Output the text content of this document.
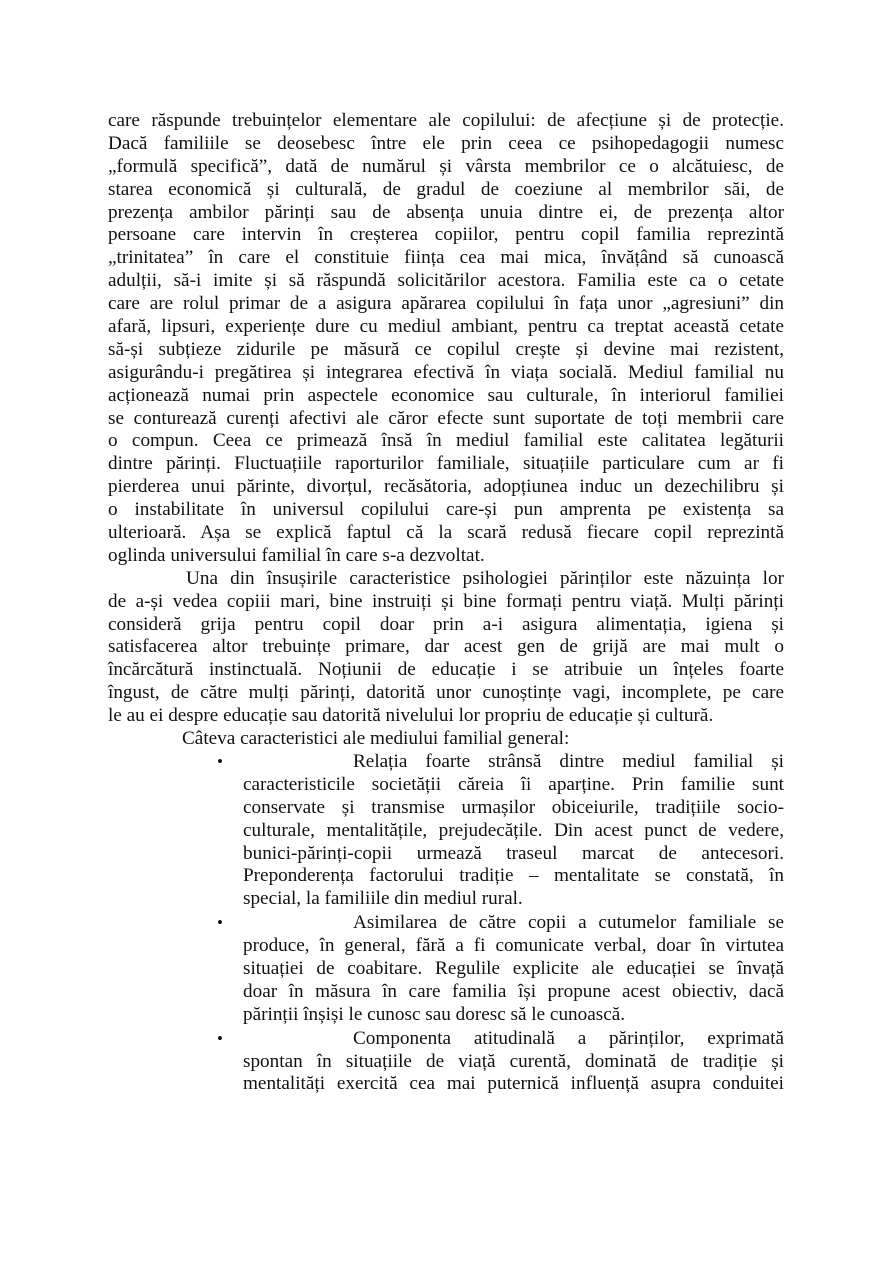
care răspunde trebuințelor elementare ale copilului: de afecțiune și de protecție.
Dacă familiile se deosebesc între ele prin ceea ce psihopedagogii numesc
„formulă specifică”, dată de numărul și vârsta membrilor ce o alcătuiesc, de
starea economică și culturală, de gradul de coeziune al membrilor săi, de
prezența ambilor părinți sau de absența unuia dintre ei, de prezența altor
persoane care intervin în creșterea copiilor, pentru copil familia reprezintă
„trinitatea” în care el constituie ființa cea mai mica, învățând să cunoască
adulții, să-i imite și să răspundă solicitărilor acestora. Familia este ca o cetate
care are rolul primar de a asigura apărarea copilului în fața unor „agresiuni” din
afară, lipsuri, experiențe dure cu mediul ambiant, pentru ca treptat această cetate
să-și subțieze zidurile pe măsură ce copilul crește și devine mai rezistent,
asigurându-i pregătirea și integrarea efectivă în viața socială. Mediul familial nu
acționează numai prin aspectele economice sau culturale, în interiorul familiei
se conturează curenți afectivi ale căror efecte sunt suportate de toți membrii care
o compun. Ceea ce primează însă în mediul familial este calitatea legăturii
dintre părinți. Fluctuațiile raporturilor familiale, situațiile particulare cum ar fi
pierderea unui părinte, divorțul, recăsătoria, adopțiunea induc un dezechilibru și
o instabilitate în universul copilului care-și pun amprenta pe existența sa
ulterioară. Așa se explică faptul că la scară redusă fiecare copil reprezintă
oglinda universului familial în care s-a dezvoltat.
Una din însușirile caracteristice psihologiei părinților este năzuința lor
de a-și vedea copiii mari, bine instruiți și bine formați pentru viață. Mulți părinți
consideră grija pentru copil doar prin a-i asigura alimentația, igiena și
satisfacerea altor trebuințe primare, dar acest gen de grijă are mai mult o
încărcătură instinctuală. Noțiunii de educație i se atribuie un înțeles foarte
îngust, de către mulți părinți, datorită unor cunoștințe vagi, incomplete, pe care
le au ei despre educație sau datorită nivelului lor propriu de educație și cultură.
Câteva caracteristici ale mediului familial general:
•	Relația foarte strânsă dintre mediul familial și
caracteristicile societății căreia îi aparține. Prin familie sunt
conservate și transmise urmașilor obiceiurile, tradițiile socio-
culturale, mentalitățile, prejudecățile. Din acest punct de vedere,
bunici-părinți-copii urmează traseul marcat de antecesori.
Preponderența factorului tradiție – mentalitate se constată, în
special, la familiile din mediul rural.
•	Asimilarea de către copii a cutumelor familiale se
produce, în general, fără a fi comunicate verbal, doar în virtutea
situației de coabitare. Regulile explicite ale educației se învață
doar în măsura în care familia își propune acest obiectiv, dacă
părinții înșiși le cunosc sau doresc să le cunoască.
•	Componenta atitudinală a părinților, exprimată
spontan în situațiile de viață curentă, dominată de tradiție și
mentalități exercită cea mai puternică influență asupra conduitei
